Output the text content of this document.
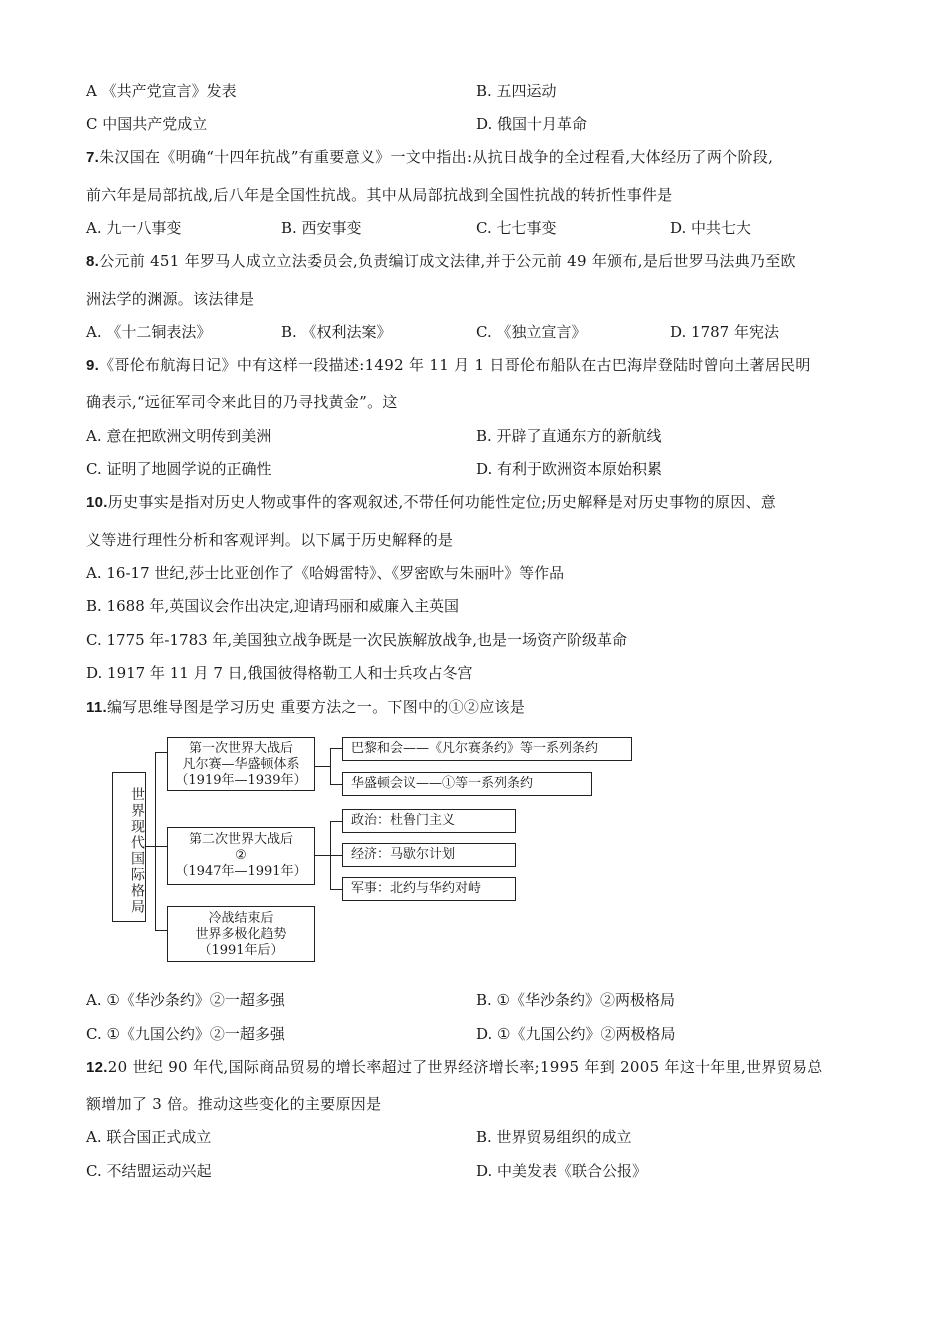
A 《共产党宣言》发表	B. 五四运动
C 中国共产党成立	D. 俄国十月革命
7.朱汉国在《明确“十四年抗战”有重要意义》一文中指出:从抗日战争的全过程看,大体经历了两个阶段,
前六年是局部抗战,后八年是全国性抗战。其中从局部抗战到全国性抗战的转折性事件是
A. 九一八事变	B. 西安事变	C. 七七事变	D. 中共七大
8.公元前 451 年罗马人成立立法委员会,负责编订成文法律,并于公元前 49 年颁布,是后世罗马法典乃至欧
洲法学的渊源。该法律是
A. 《十二铜表法》	B. 《权利法案》	C. 《独立宣言》	D. 1787 年宪法
9.《哥伦布航海日记》中有这样一段描述:1492 年 11 月 1 日哥伦布船队在古巴海岸登陆时曾向土著居民明
确表示,“远征军司令来此目的乃寻找黄金”。这
A. 意在把欧洲文明传到美洲	B. 开辟了直通东方的新航线
C. 证明了地圆学说的正确性	D. 有利于欧洲资本原始积累
10.历史事实是指对历史人物或事件的客观叙述,不带任何功能性定位;历史解释是对历史事物的原因、意
义等进行理性分析和客观评判。以下属于历史解释的是
A. 16-17 世纪,莎士比亚创作了《哈姆雷特》、《罗密欧与朱丽叶》等作品
B. 1688 年,英国议会作出决定,迎请玛丽和威廉入主英国
C. 1775 年-1783 年,美国独立战争既是一次民族解放战争,也是一场资产阶级革命
D. 1917 年 11 月 7 日,俄国彼得格勒工人和士兵攻占冬宫
11.编写思维导图是学习历史 重要方法之一。下图中的①②应该是
世界现代国际格局
第一次世界大战后
凡尔赛—华盛顿体系
（1919年—1939年）
巴黎和会——《凡尔赛条约》等一系列条约
华盛顿会议——①等一系列条约
第二次世界大战后
②
（1947年—1991年）
政治：杜鲁门主义
经济：马歇尔计划
军事：北约与华约对峙
冷战结束后
世界多极化趋势
（1991年后）
A. ①《华沙条约》②一超多强	B. ①《华沙条约》②两极格局
C. ①《九国公约》②一超多强	D. ①《九国公约》②两极格局
12.20 世纪 90 年代,国际商品贸易的增长率超过了世界经济增长率;1995 年到 2005 年这十年里,世界贸易总
额增加了 3 倍。推动这些变化的主要原因是
A. 联合国正式成立	B. 世界贸易组织的成立
C. 不结盟运动兴起	D. 中美发表《联合公报》
